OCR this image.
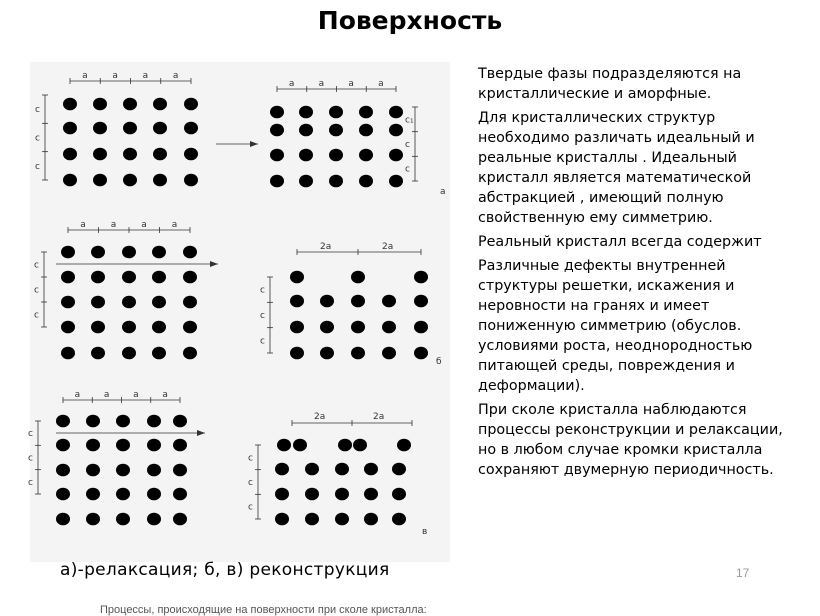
Поверхность
а	а	а	а
с
с
с
а	а	а	а
с₁
с
с
а
а	а	а	а
с
с
с
2а	2а
с
с
с
б
а	а	а	а
с
с
с
2а	2а
с
с
с
в
Процессы, происходящие на поверхности при сколе кристалла:
а)-релаксация; б, в) реконструкция

Твердые фазы подразделяются на кристаллические и аморфные.

Для кристаллических структур необходимо различать идеальный и реальные кристаллы . Идеальный кристалл является математической абстракцией , имеющий полную свойственную ему симметрию.

Реальный кристалл всегда содержит

Различные дефекты внутренней структуры решетки, искажения и неровности на гранях и имеет пониженную симметрию (обуслов. условиями роста, неоднородностью питающей среды, повреждения и деформации).

При сколе кристалла наблюдаются процессы реконструкции и релаксации, но в любом случае кромки кристалла сохраняют двумерную периодичность.

17
